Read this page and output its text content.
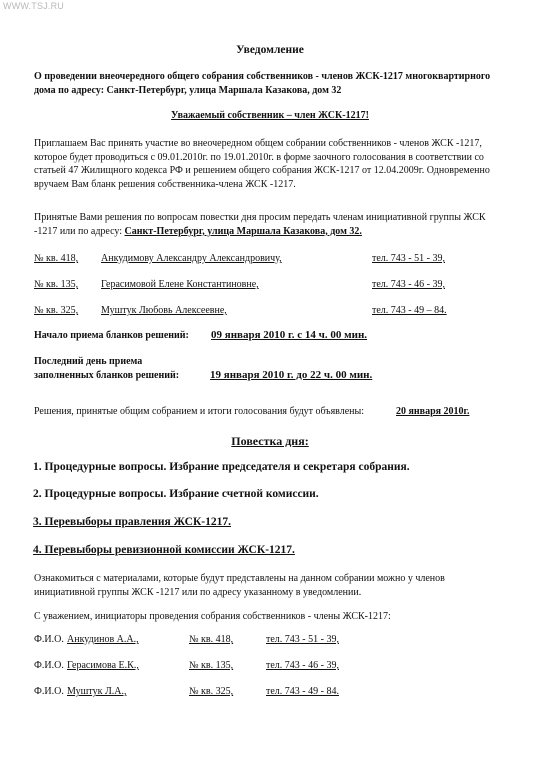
WWW.TSJ.RU
Уведомление
О проведении внеочередного общего собрания собственников - членов ЖСК-1217 многоквартирного дома по адресу: Санкт-Петербург, улица Маршала Казакова, дом 32
Уважаемый собственник – член ЖСК-1217!
Приглашаем Вас принять участие во внеочередном общем собрании собственников - членов ЖСК -1217, которое будет проводиться с 09.01.2010г. по 19.01.2010г. в форме заочного голосования в соответствии со статьей 47 Жилищного кодекса РФ и решением общего собрания ЖСК-1217 от 12.04.2009г. Одновременно вручаем Вам бланк решения собственника-члена ЖСК -1217.
Принятые Вами решения по вопросам повестки дня просим передать членам инициативной группы ЖСК -1217 или по адресу: Санкт-Петербург, улица Маршала Казакова, дом 32.
№ кв. 418, Анкудимову Александру Александровичу,	тел. 743 - 51 - 39,
№ кв. 135, Герасимовой Елене Константиновне,	тел. 743 - 46 - 39,
№ кв. 325, Муштук Любовь Алексеевне,	тел. 743 - 49 – 84.
Начало приема бланков решений: 09 января 2010 г. с 14 ч. 00 мин.
Последний день приема
заполненных бланков решений:	19 января 2010 г. до 22 ч. 00 мин.
Решения, принятые общим собранием и итоги голосования будут объявлены:	20 января 2010г.
Повестка дня:
1. Процедурные вопросы. Избрание председателя и секретаря собрания.
2. Процедурные вопросы. Избрание счетной комиссии.
3. Перевыборы правления ЖСК-1217.
4. Перевыборы ревизионной комиссии ЖСК-1217.
Ознакомиться с материалами, которые будут представлены на данном собрании можно у членов инициативной группы ЖСК -1217 или по адресу указанному в уведомлении.
С уважением, инициаторы проведения собрания собственников - члены ЖСК-1217:
Ф.И.О. Анкудинов А.А.,	№ кв. 418,	тел. 743 - 51 - 39,
Ф.И.О. Герасимова Е.К.,	№ кв. 135,	тел. 743 - 46 - 39,
Ф.И.О. Муштук Л.А.,	№ кв. 325,	тел. 743 - 49 - 84.
